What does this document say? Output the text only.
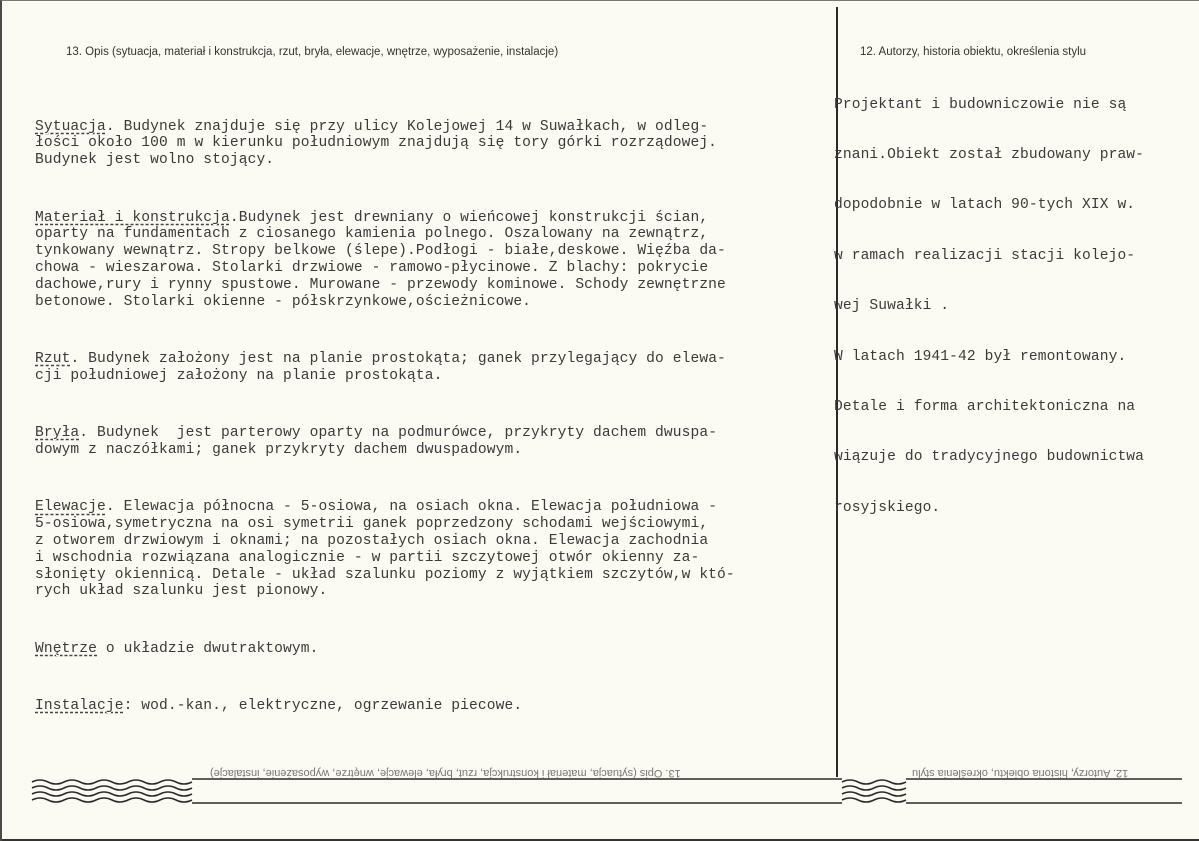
13. Opis (sytuacja, materiał i konstrukcja, rzut, bryła, elewacje, wnętrze, wyposażenie, instalacje)	12. Autorzy, historia obiektu, określenia stylu

Sytuacja. Budynek znajduje się przy ulicy Kolejowej 14 w Suwałkach, w odleg-
łości około 100 m w kierunku południowym znajdują się tory górki rozrządowej.
Budynek jest wolno stojący.

Materiał i konstrukcja.Budynek jest drewniany o wieńcowej konstrukcji ścian,
oparty na fundamentach z ciosanego kamienia polnego. Oszalowany na zewnątrz,
tynkowany wewnątrz. Stropy belkowe (ślepe).Podłogi - białe,deskowe. Więźba da-
chowa - wieszarowa. Stolarki drzwiowe - ramowo-płycinowe. Z blachy: pokrycie
dachowe,rury i rynny spustowe. Murowane - przewody kominowe. Schody zewnętrzne
betonowe. Stolarki okienne - półskrzynkowe,ościeżnicowe.

Rzut. Budynek założony jest na planie prostokąta; ganek przylegający do elewa-
cji południowej założony na planie prostokąta.

Bryła. Budynek  jest parterowy oparty na podmurówce, przykryty dachem dwuspa-
dowym z naczółkami; ganek przykryty dachem dwuspadowym.

Elewacje. Elewacja północna - 5-osiowa, na osiach okna. Elewacja południowa -
5-osiowa,symetryczna na osi symetrii ganek poprzedzony schodami wejściowymi,
z otworem drzwiowym i oknami; na pozostałych osiach okna. Elewacja zachodnia
i wschodnia rozwiązana analogicznie - w partii szczytowej otwór okienny za-
słonięty okiennicą. Detale - układ szalunku poziomy z wyjątkiem szczytów,w któ-
rych układ szalunku jest pionowy.

Wnętrze o układzie dwutraktowym.

Instalacje: wod.-kan., elektryczne, ogrzewanie piecowe.

Projektant i budowniczowie nie są

znani.Obiekt został zbudowany praw-

dopodobnie w latach 90-tych XIX w.

w ramach realizacji stacji kolejo-

wej Suwałki .

W latach 1941-42 był remontowany.

Detale i forma architektoniczna na

wiązuje do tradycyjnego budownictwa

rosyjskiego.

13. Opis (sytuacja, materiał i konstrukcja, rzut, bryła, elewacje, wnętrze, wyposażenie, instalacje)	12. Autorzy, historia obiektu, określenia stylu
